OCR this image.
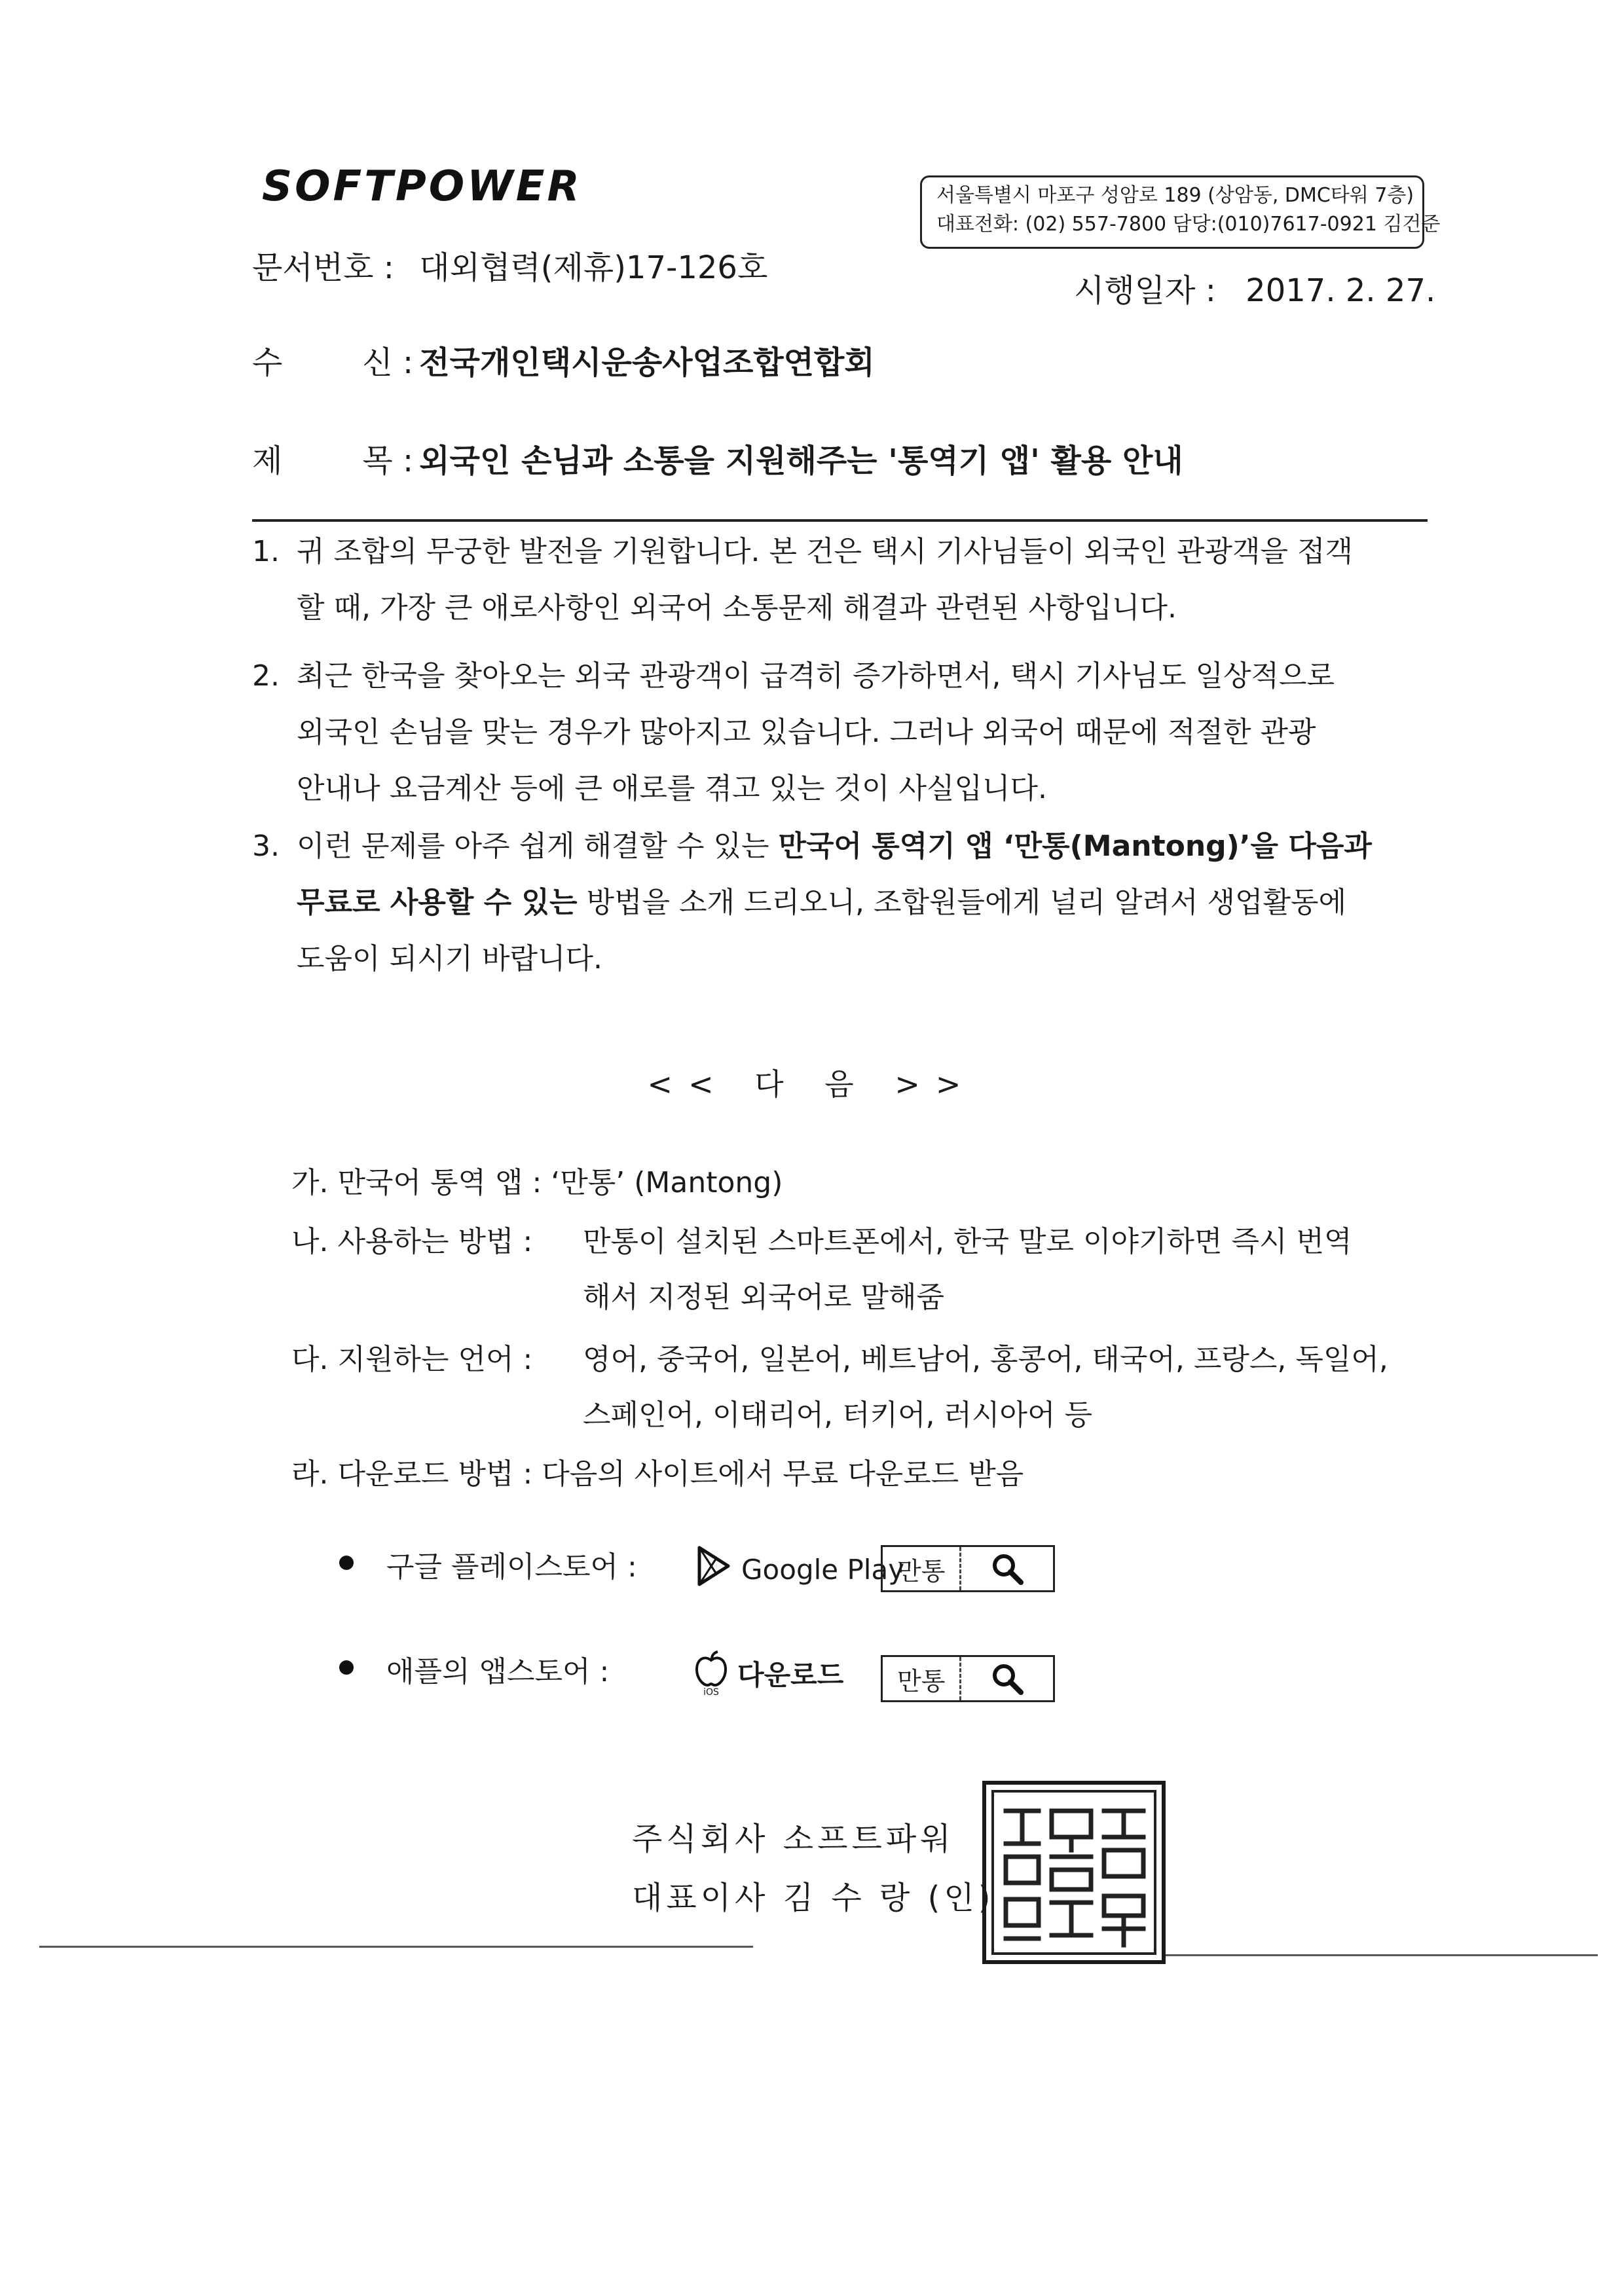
SOFTPOWER	서울특별시 마포구 성암로 189 (상암동, DMC타워 7층)
대표전화: (02) 557-7800 담당:(010)7617-0921 김건준
문서번호 : 대외협력(제휴)17-126호
시행일자 : 2017. 2. 27.
수        신 : 전국개인택시운송사업조합연합회
제        목 : 외국인 손님과 소통을 지원해주는 '통역기 앱' 활용 안내
1. 귀 조합의 무궁한 발전을 기원합니다. 본 건은 택시 기사님들이 외국인 관광객을 접객
할 때, 가장 큰 애로사항인 외국어 소통문제 해결과 관련된 사항입니다.
2. 최근 한국을 찾아오는 외국 관광객이 급격히 증가하면서, 택시 기사님도 일상적으로
외국인 손님을 맞는 경우가 많아지고 있습니다. 그러나 외국어 때문에 적절한 관광
안내나 요금계산 등에 큰 애로를 겪고 있는 것이 사실입니다.
3. 이런 문제를 아주 쉽게 해결할 수 있는 만국어 통역기 앱 ‘만통(Mantong)’을 다음과
무료로 사용할 수 있는 방법을 소개 드리오니, 조합원들에게 널리 알려서 생업활동에
도움이 되시기 바랍니다.
<< 다 음 >>
가. 만국어 통역 앱 : ‘만통’ (Mantong)
나. 사용하는 방법 : 만통이 설치된 스마트폰에서, 한국 말로 이야기하면 즉시 번역
해서 지정된 외국어로 말해줌
다. 지원하는 언어 : 영어, 중국어, 일본어, 베트남어, 홍콩어, 태국어, 프랑스, 독일어,
스페인어, 이태리어, 터키어, 러시아어 등
라. 다운로드 방법 : 다음의 사이트에서 무료 다운로드 받음
구글 플레이스토어 :	Google Play
만통
애플의 앱스토어 :
iOS
다운로드	만통
주식회사 소프트파워
대표이사 김 수 랑 (인)
